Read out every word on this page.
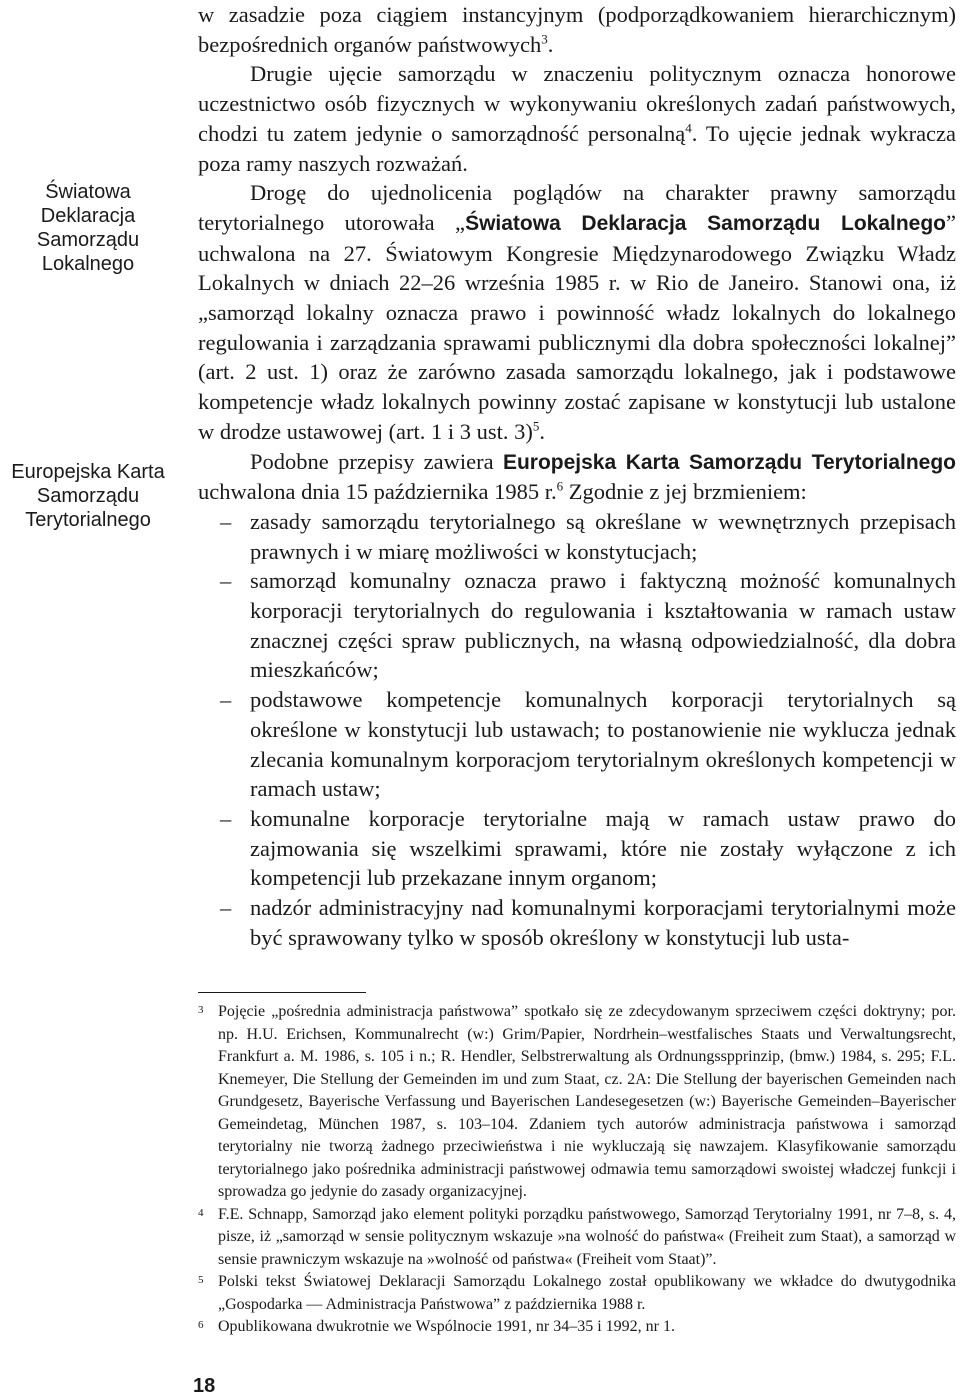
Światowa
Deklaracja
Samorządu
Lokalnego
Europejska Karta
Samorządu
Terytorialnego

w zasadzie poza ciągiem instancyjnym (podporządkowaniem hierarchicznym) bezpośrednich organów państwowych$^3$.

Drugie ujęcie samorządu w znaczeniu politycznym oznacza honorowe uczestnictwo osób fizycznych w wykonywaniu określonych zadań państwowych, chodzi tu zatem jedynie o samorządność personalną$^4$. To ujęcie jednak wykracza poza ramy naszych rozważań.

Drogę do ujednolicenia poglądów na charakter prawny samorządu terytorialnego utorowała „Światowa Deklaracja Samorządu Lokalnego” uchwalona na 27. Światowym Kongresie Międzynarodowego Związku Władz Lokalnych w dniach 22–26 września 1985 r. w Rio de Janeiro. Stanowi ona, iż „samorząd lokalny oznacza prawo i powinność władz lokalnych do lokalnego regulowania i zarządzania sprawami publicznymi dla dobra społeczności lokalnej” (art. 2 ust. 1) oraz że zarówno zasada samorządu lokalnego, jak i podstawowe kompetencje władz lokalnych powinny zostać zapisane w konstytucji lub ustalone w drodze ustawowej (art. 1 i 3 ust. 3)$^5$.

Podobne przepisy zawiera Europejska Karta Samorządu Terytorialnego uchwalona dnia 15 października 1985 r.$^6$ Zgodnie z jej brzmieniem:

– zasady samorządu terytorialnego są określane w wewnętrznych przepisach prawnych i w miarę możliwości w konstytucjach;
– samorząd komunalny oznacza prawo i faktyczną możność komunalnych korporacji terytorialnych do regulowania i kształtowania w ramach ustaw znacznej części spraw publicznych, na własną odpowiedzialność, dla dobra mieszkańców;
– podstawowe kompetencje komunalnych korporacji terytorialnych są określone w konstytucji lub ustawach; to postanowienie nie wyklucza jednak zlecania komunalnym korporacjom terytorialnym określonych kompetencji w ramach ustaw;
– komunalne korporacje terytorialne mają w ramach ustaw prawo do zajmowania się wszelkimi sprawami, które nie zostały wyłączone z ich kompetencji lub przekazane innym organom;
– nadzór administracyjny nad komunalnymi korporacjami terytorialnymi może być sprawowany tylko w sposób określony w konstytucji lub usta-

3 Pojęcie „pośrednia administracja państwowa” spotkało się ze zdecydowanym sprzeciwem części doktryny; por. np. H.U. Erichsen, Kommunalrecht (w:) Grim/Papier, Nordrhein–westfalisches Staats und Verwaltungsrecht, Frankfurt a. M. 1986, s. 105 i n.; R. Hendler, Selbstrerwaltung als Ordnungsspprinzip, (bmw.) 1984, s. 295; F.L. Knemeyer, Die Stellung der Gemeinden im und zum Staat, cz. 2A: Die Stellung der bayerischen Gemeinden nach Grundgesetz, Bayerische Verfassung und Bayerischen Landesegesetzen (w:) Bayerische Gemeinden–Bayerischer Gemeindetag, München 1987, s. 103–104. Zdaniem tych autorów administracja państwowa i samorząd terytorialny nie tworzą żadnego przeciwieństwa i nie wykluczają się nawzajem. Klasyfikowanie samorządu terytorialnego jako pośrednika administracji państwowej odmawia temu samorządowi swoistej władczej funkcji i sprowadza go jedynie do zasady organizacyjnej.

4 F.E. Schnapp, Samorząd jako element polityki porządku państwowego, Samorząd Terytorialny 1991, nr 7–8, s. 4, pisze, iż „samorząd w sensie politycznym wskazuje »na wolność do państwa« (Freiheit zum Staat), a samorząd w sensie prawniczym wskazuje na »wolność od państwa« (Freiheit vom Staat)”.

5 Polski tekst Światowej Deklaracji Samorządu Lokalnego został opublikowany we wkładce do dwutygodnika „Gospodarka — Administracja Państwowa” z października 1988 r.

6 Opublikowana dwukrotnie we Wspólnocie 1991, nr 34–35 i 1992, nr 1.

18
